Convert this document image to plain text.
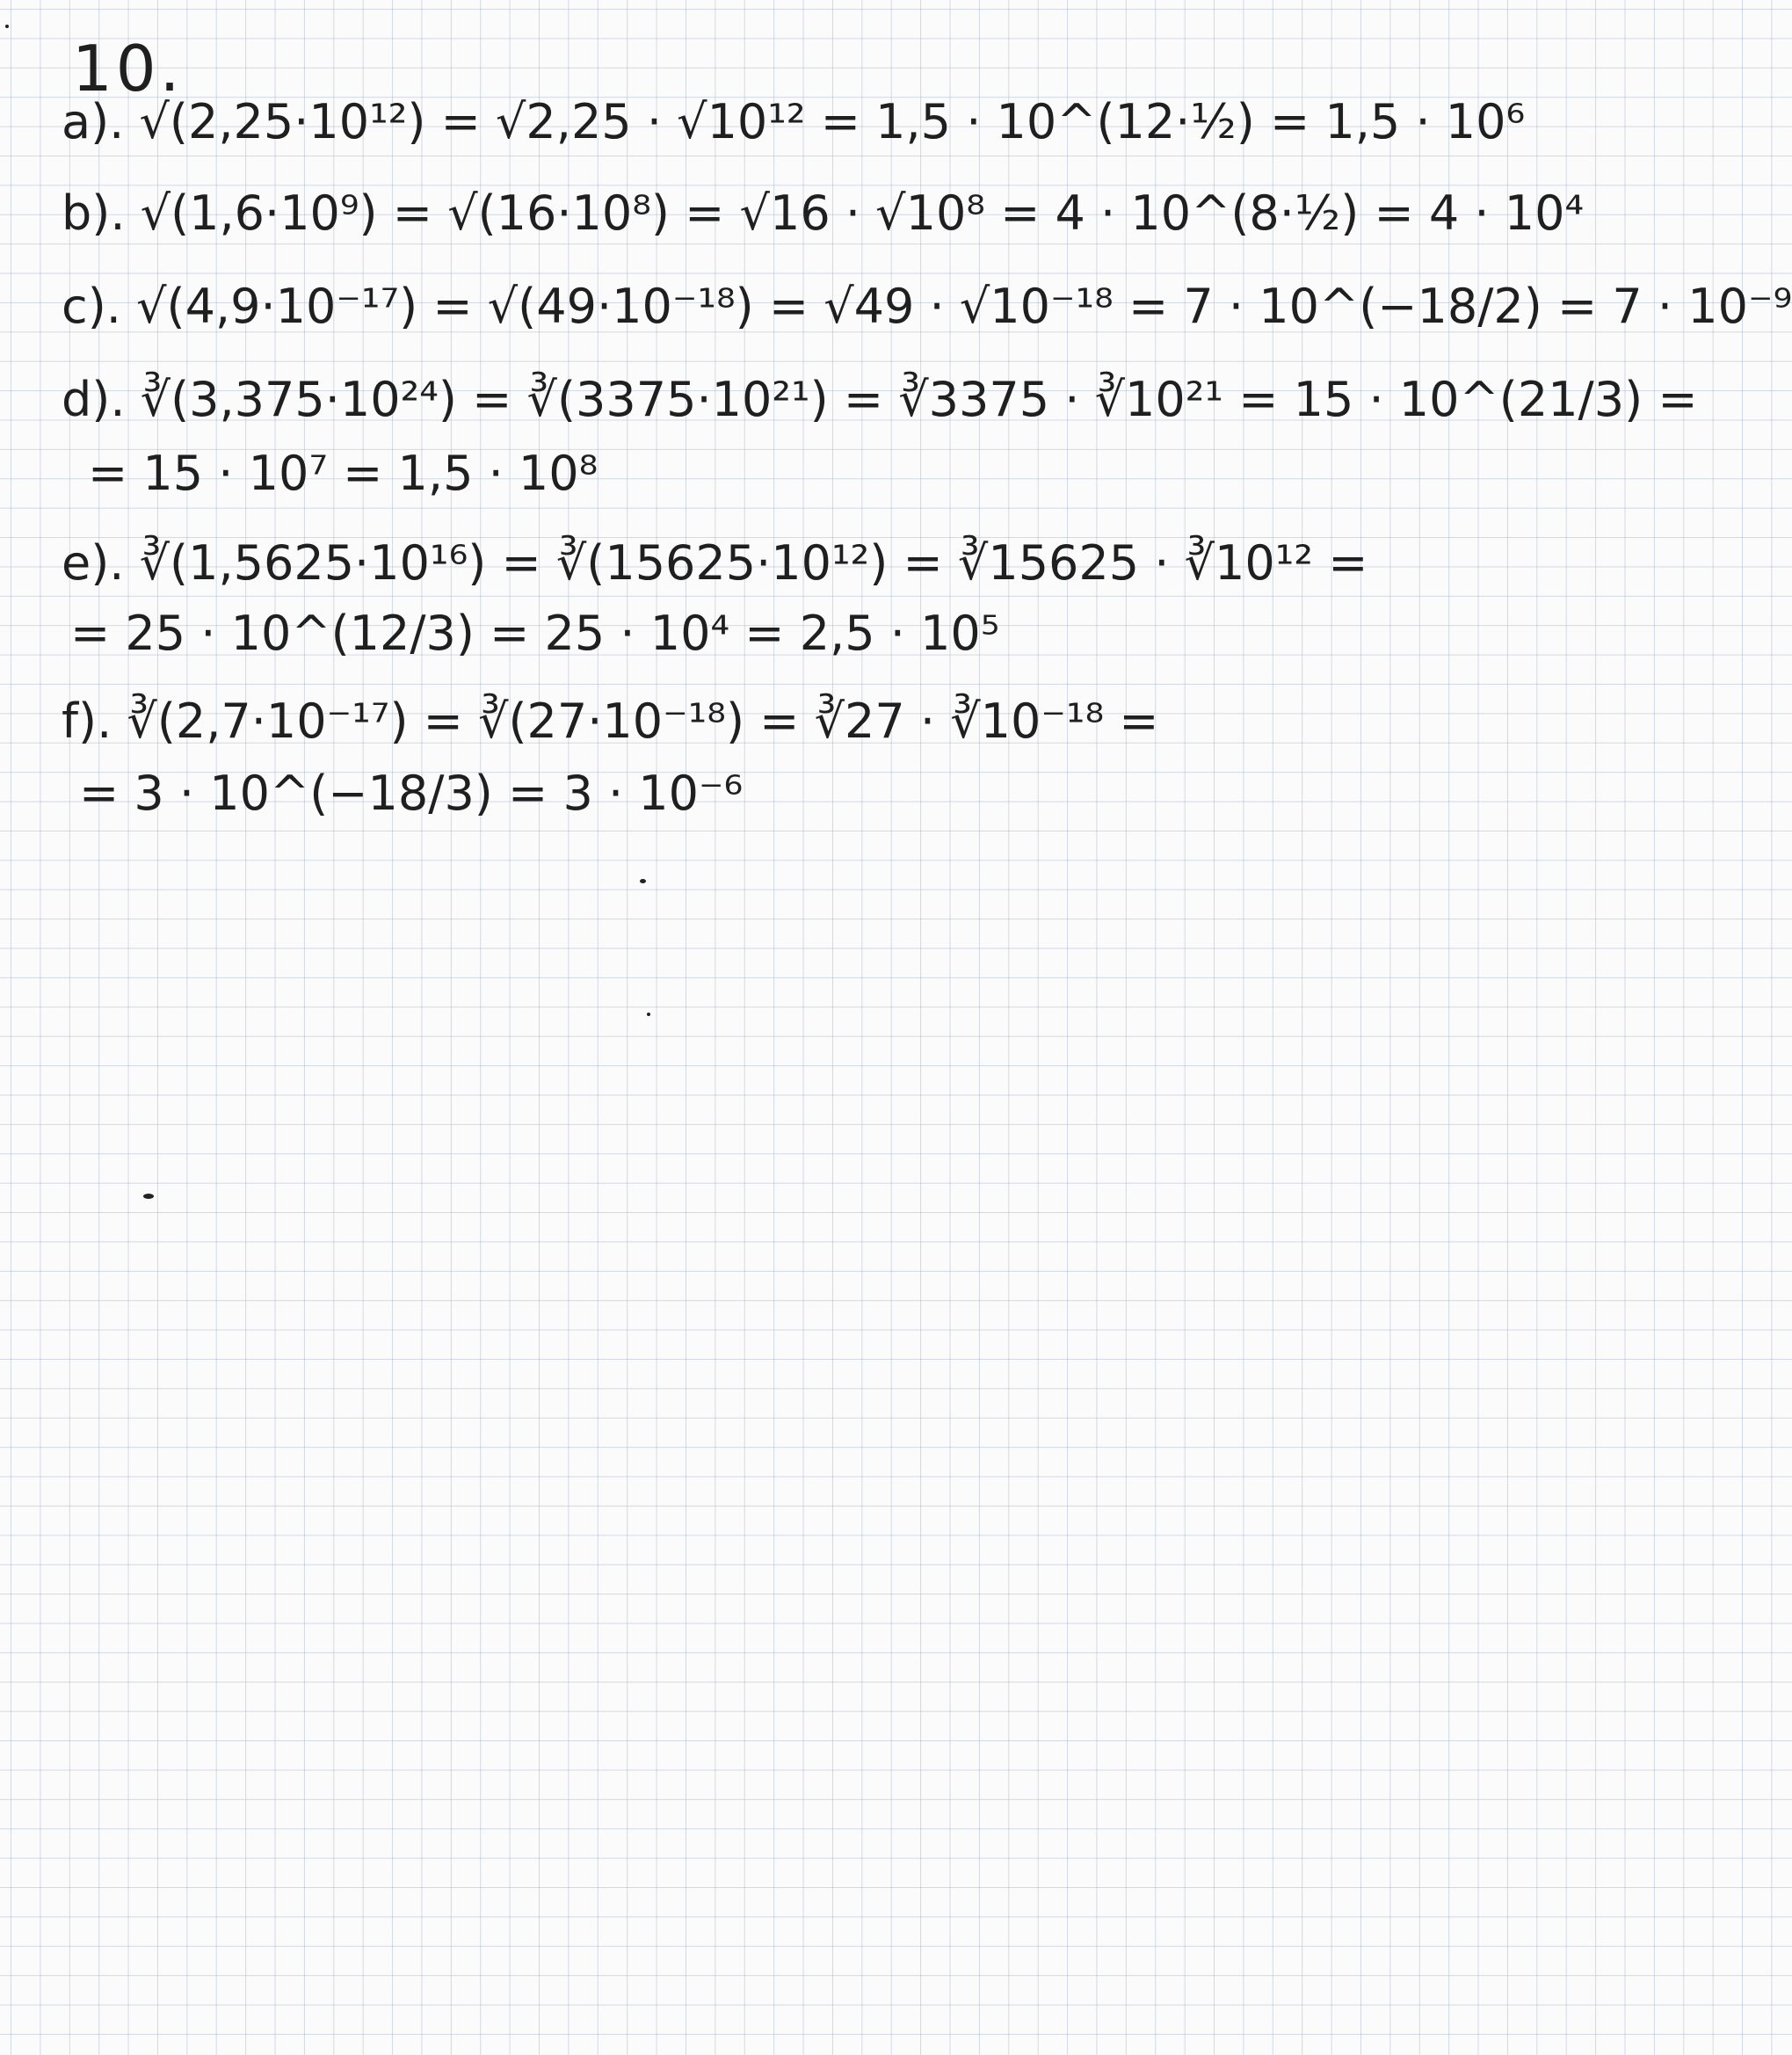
10.
a). √(2,25·10¹²) = √2,25 · √10¹² = 1,5 · 10^(12·½) = 1,5 · 10⁶
b). √(1,6·10⁹) = √(16·10⁸) = √16 · √10⁸ = 4 · 10^(8·½) = 4 · 10⁴
c). √(4,9·10⁻¹⁷) = √(49·10⁻¹⁸) = √49 · √10⁻¹⁸ = 7 · 10^(−18/2) = 7 · 10⁻⁹
d). ∛(3,375·10²⁴) = ∛(3375·10²¹) = ∛3375 · ∛10²¹ = 15 · 10^(21/3) =
= 15 · 10⁷ = 1,5 · 10⁸
e). ∛(1,5625·10¹⁶) = ∛(15625·10¹²) = ∛15625 · ∛10¹² =
= 25 · 10^(12/3) = 25 · 10⁴ = 2,5 · 10⁵
f). ∛(2,7·10⁻¹⁷) = ∛(27·10⁻¹⁸) = ∛27 · ∛10⁻¹⁸ =
= 3 · 10^(−18/3) = 3 · 10⁻⁶
